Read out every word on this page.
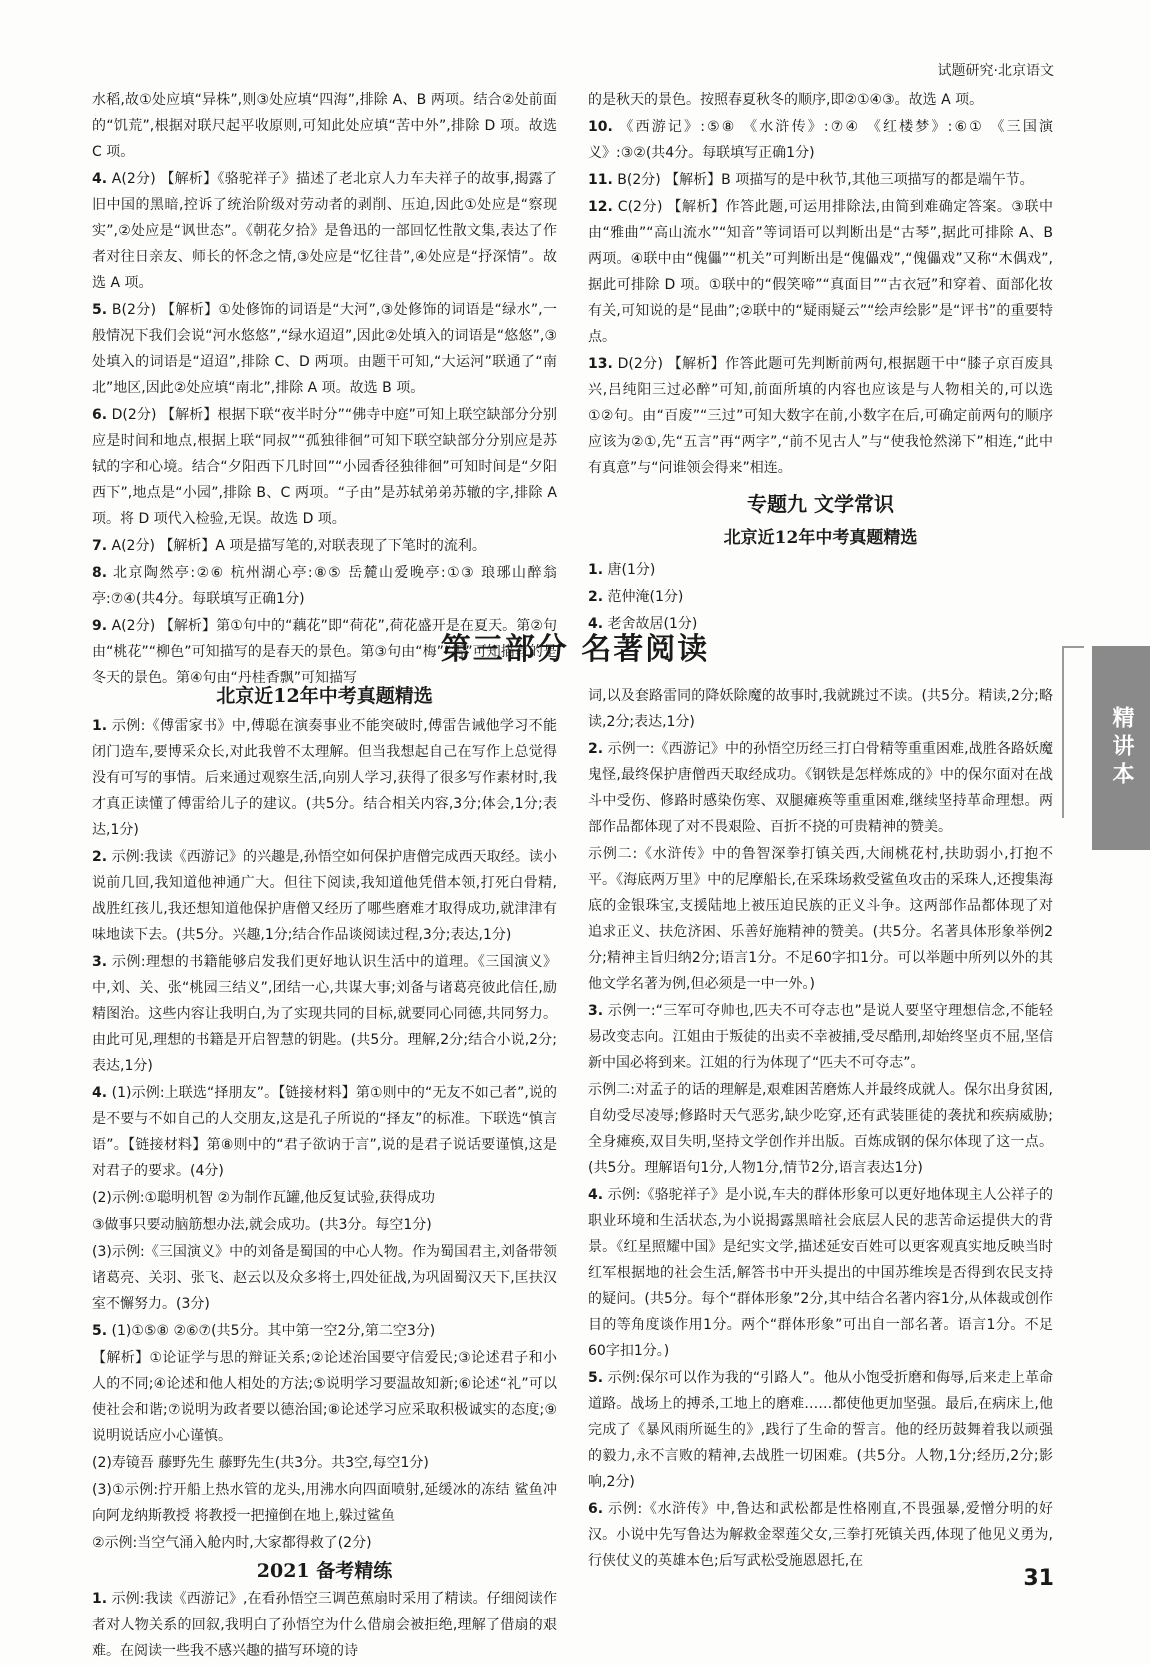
试题研究·北京语文

水稻,故①处应填“异株”,则③处应填“四海”,排除 A、B 两项。结合②处前面的“饥荒”,根据对联尺起平收原则,可知此处应填“苦中外”,排除 D 项。故选 C 项。

4. A(2分) 【解析】《骆驼祥子》描述了老北京人力车夫祥子的故事,揭露了旧中国的黑暗,控诉了统治阶级对劳动者的剥削、压迫,因此①处应是“察现实”,②处应是“讽世态”。《朝花夕拾》是鲁迅的一部回忆性散文集,表达了作者对往日亲友、师长的怀念之情,③处应是“忆往昔”,④处应是“抒深情”。故选 A 项。

5. B(2分) 【解析】①处修饰的词语是“大河”,③处修饰的词语是“绿水”,一般情况下我们会说“河水悠悠”,“绿水迢迢”,因此②处填入的词语是“悠悠”,③处填入的词语是“迢迢”,排除 C、D 两项。由题干可知,“大运河”联通了“南北”地区,因此②处应填“南北”,排除 A 项。故选 B 项。

6. D(2分) 【解析】根据下联“夜半时分”“佛寺中庭”可知上联空缺部分分别应是时间和地点,根据上联“同叔”“孤独徘徊”可知下联空缺部分分别应是苏轼的字和心境。结合“夕阳西下几时回”“小园香径独徘徊”可知时间是“夕阳西下”,地点是“小园”,排除 B、C 两项。“子由”是苏轼弟弟苏辙的字,排除 A 项。将 D 项代入检验,无误。故选 D 项。

7. A(2分) 【解析】A 项是描写笔的,对联表现了下笔时的流利。

8. 北京陶然亭:②⑥ 杭州湖心亭:⑧⑤ 岳麓山爱晚亭:①③ 琅琊山醉翁亭:⑦④(共4分。每联填写正确1分)

9. A(2分) 【解析】第①句中的“藕花”即“荷花”,荷花盛开是在夏天。第②句由“桃花”“柳色”可知描写的是春天的景色。第③句由“梅”“雪”可知描写的是冬天的景色。第④句由“丹桂香飘”可知描写

的是秋天的景色。按照春夏秋冬的顺序,即②①④③。故选 A 项。

10. 《西游记》:⑤⑧ 《水浒传》:⑦④ 《红楼梦》:⑥① 《三国演义》:③②(共4分。每联填写正确1分)

11. B(2分) 【解析】B 项描写的是中秋节,其他三项描写的都是端午节。

12. C(2分) 【解析】作答此题,可运用排除法,由简到难确定答案。③联中由“雅曲”“高山流水”“知音”等词语可以判断出是“古琴”,据此可排除 A、B 两项。④联中由“傀儡”“机关”可判断出是“傀儡戏”,“傀儡戏”又称“木偶戏”,据此可排除 D 项。①联中的“假笑啼”“真面目”“古衣冠”和穿着、面部化妆有关,可知说的是“昆曲”;②联中的“疑雨疑云”“绘声绘影”是“评书”的重要特点。

13. D(2分) 【解析】作答此题可先判断前两句,根据题干中“膝子京百废具兴,吕纯阳三过必醉”可知,前面所填的内容也应该是与人物相关的,可以选①②句。由“百废”“三过”可知大数字在前,小数字在后,可确定前两句的顺序应该为②①,先“五言”再“两字”,“前不见古人”与“使我怆然涕下”相连,“此中有真意”与“问谁领会得来”相连。

专题九 文学常识
北京近12年中考真题精选

1. 唐(1分)

2. 范仲淹(1分)

4. 老舍故居(1分)

第三部分 名著阅读
北京近12年中考真题精选

1. 示例:《傅雷家书》中,傅聪在演奏事业不能突破时,傅雷告诫他学习不能闭门造车,要博采众长,对此我曾不太理解。但当我想起自己在写作上总觉得没有可写的事情。后来通过观察生活,向别人学习,获得了很多写作素材时,我才真正读懂了傅雷给儿子的建议。(共5分。结合相关内容,3分;体会,1分;表达,1分)

2. 示例:我读《西游记》的兴趣是,孙悟空如何保护唐僧完成西天取经。读小说前几回,我知道他神通广大。但往下阅读,我知道他凭借本领,打死白骨精,战胜红孩儿,我还想知道他保护唐僧又经历了哪些磨难才取得成功,就津津有味地读下去。(共5分。兴趣,1分;结合作品谈阅读过程,3分;表达,1分)

3. 示例:理想的书籍能够启发我们更好地认识生活中的道理。《三国演义》中,刘、关、张“桃园三结义”,团结一心,共谋大事;刘备与诸葛亮彼此信任,励精图治。这些内容让我明白,为了实现共同的目标,就要同心同德,共同努力。由此可见,理想的书籍是开启智慧的钥匙。(共5分。理解,2分;结合小说,2分;表达,1分)

4. (1)示例:上联选“择朋友”。【链接材料】第①则中的“无友不如己者”,说的是不要与不如自己的人交朋友,这是孔子所说的“择友”的标准。下联选“慎言语”。【链接材料】第⑧则中的“君子欲讷于言”,说的是君子说话要谨慎,这是对君子的要求。(4分)

(2)示例:①聪明机智 ②为制作瓦罐,他反复试验,获得成功

③做事只要动脑筋想办法,就会成功。(共3分。每空1分)

(3)示例:《三国演义》中的刘备是蜀国的中心人物。作为蜀国君主,刘备带领诸葛亮、关羽、张飞、赵云以及众多将士,四处征战,为巩固蜀汉天下,匡扶汉室不懈努力。(3分)

5. (1)①⑤⑧ ②⑥⑦(共5分。其中第一空2分,第二空3分)

【解析】①论证学与思的辩证关系;②论述治国要守信爱民;③论述君子和小人的不同;④论述和他人相处的方法;⑤说明学习要温故知新;⑥论述“礼”可以使社会和谐;⑦说明为政者要以德治国;⑧论述学习应采取积极诚实的态度;⑨说明说话应小心谨慎。

(2)寿镜吾 藤野先生 藤野先生(共3分。共3空,每空1分)

(3)①示例:拧开船上热水管的龙头,用沸水向四面喷射,延缓冰的冻结 鲨鱼冲向阿龙纳斯教授 将教授一把撞倒在地上,躲过鲨鱼

②示例:当空气涌入舱内时,大家都得救了(2分)

2021 备考精练

1. 示例:我读《西游记》,在看孙悟空三调芭蕉扇时采用了精读。仔细阅读作者对人物关系的回叙,我明白了孙悟空为什么借扇会被拒绝,理解了借扇的艰难。在阅读一些我不感兴趣的描写环境的诗

词,以及套路雷同的降妖除魔的故事时,我就跳过不读。(共5分。精读,2分;略读,2分;表达,1分)

2. 示例一:《西游记》中的孙悟空历经三打白骨精等重重困难,战胜各路妖魔鬼怪,最终保护唐僧西天取经成功。《钢铁是怎样炼成的》中的保尔面对在战斗中受伤、修路时感染伤寒、双腿瘫痪等重重困难,继续坚持革命理想。两部作品都体现了对不畏艰险、百折不挠的可贵精神的赞美。

示例二:《水浒传》中的鲁智深拳打镇关西,大闹桃花村,扶助弱小,打抱不平。《海底两万里》中的尼摩船长,在采珠场救受鲨鱼攻击的采珠人,还搜集海底的金银珠宝,支援陆地上被压迫民族的正义斗争。这两部作品都体现了对追求正义、扶危济困、乐善好施精神的赞美。(共5分。名著具体形象举例2分;精神主旨归纳2分;语言1分。不足60字扣1分。可以举题中所列以外的其他文学名著为例,但必须是一中一外。)

3. 示例一:“三军可夺帅也,匹夫不可夺志也”是说人要坚守理想信念,不能轻易改变志向。江姐由于叛徒的出卖不幸被捕,受尽酷刑,却始终坚贞不屈,坚信新中国必将到来。江姐的行为体现了“匹夫不可夺志”。

示例二:对孟子的话的理解是,艰难困苦磨炼人并最终成就人。保尔出身贫困,自幼受尽凌辱;修路时天气恶劣,缺少吃穿,还有武装匪徒的袭扰和疾病威胁;全身瘫痪,双目失明,坚持文学创作并出版。百炼成钢的保尔体现了这一点。(共5分。理解语句1分,人物1分,情节2分,语言表达1分)

4. 示例:《骆驼祥子》是小说,车夫的群体形象可以更好地体现主人公祥子的职业环境和生活状态,为小说揭露黑暗社会底层人民的悲苦命运提供大的背景。《红星照耀中国》是纪实文学,描述延安百姓可以更客观真实地反映当时红军根据地的社会生活,解答书中开头提出的中国苏维埃是否得到农民支持的疑问。(共5分。每个“群体形象”2分,其中结合名著内容1分,从体裁或创作目的等角度谈作用1分。两个“群体形象”可出自一部名著。语言1分。不足60字扣1分。)

5. 示例:保尔可以作为我的“引路人”。他从小饱受折磨和侮辱,后来走上革命道路。战场上的搏杀,工地上的磨难……都使他更加坚强。最后,在病床上,他完成了《暴风雨所诞生的》,践行了生命的誓言。他的经历鼓舞着我以顽强的毅力,永不言败的精神,去战胜一切困难。(共5分。人物,1分;经历,2分;影响,2分)

6. 示例:《水浒传》中,鲁达和武松都是性格刚直,不畏强暴,爱憎分明的好汉。小说中先写鲁达为解救金翠莲父女,三拳打死镇关西,体现了他见义勇为,行侠仗义的英雄本色;后写武松受施恩恩托,在

精讲本
31
